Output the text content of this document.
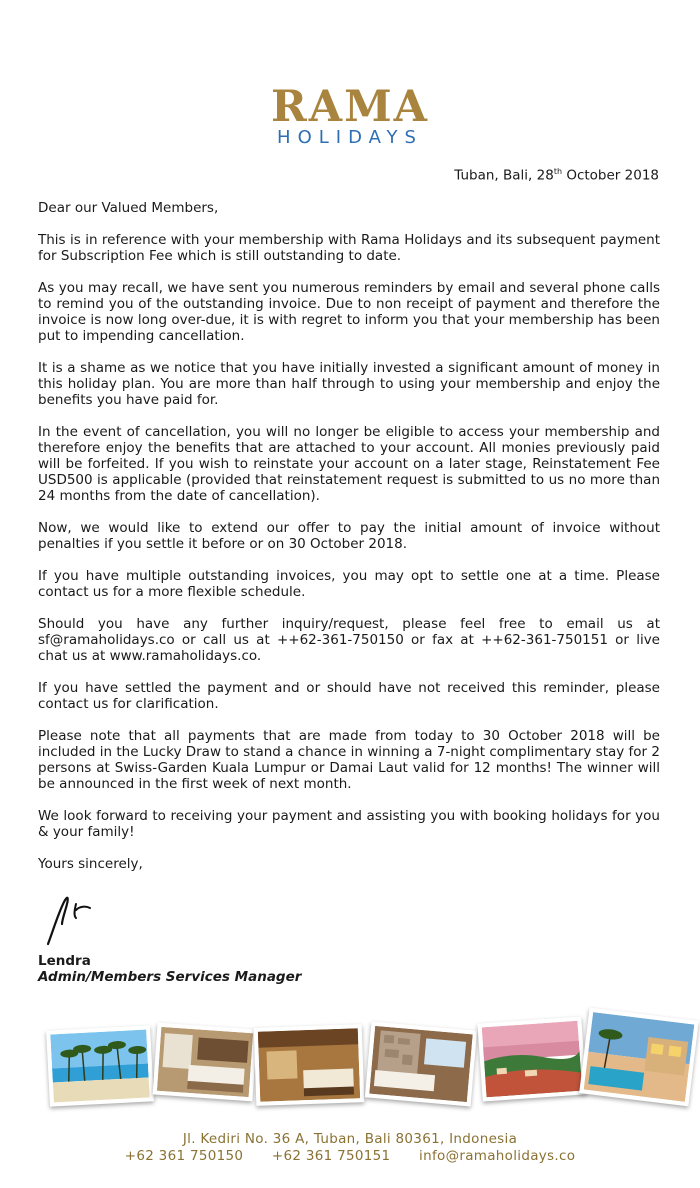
RAMA
HOLIDAYS
Tuban, Bali, 28th October 2018
Dear our Valued Members,

This is in reference with your membership with Rama Holidays and its subsequent payment for Subscription Fee which is still outstanding to date.

As you may recall, we have sent you numerous reminders by email and several phone calls to remind you of the outstanding invoice. Due to non receipt of payment and therefore the invoice is now long over-due, it is with regret to inform you that your membership has been put to impending cancellation.

It is a shame as we notice that you have initially invested a significant amount of money in this holiday plan. You are more than half through to using your membership and enjoy the benefits you have paid for.

In the event of cancellation, you will no longer be eligible to access your membership and therefore enjoy the benefits that are attached to your account. All monies previously paid will be forfeited. If you wish to reinstate your account on a later stage, Reinstatement Fee USD500 is applicable (provided that reinstatement request is submitted to us no more than 24 months from the date of cancellation).

Now, we would like to extend our offer to pay the initial amount of invoice without penalties if you settle it before or on 30 October 2018.

If you have multiple outstanding invoices, you may opt to settle one at a time. Please contact us for a more flexible schedule.

Should you have any further inquiry/request, please feel free to email us at sf@ramaholidays.co or call us at ++62-361-750150 or fax at ++62-361-750151 or live chat us at www.ramaholidays.co.

If you have settled the payment and or should have not received this reminder, please contact us for clarification.

Please note that all payments that are made from today to 30 October 2018 will be included in the Lucky Draw to stand a chance in winning a 7-night complimentary stay for 2 persons at Swiss-Garden Kuala Lumpur or Damai Laut valid for 12 months! The winner will be announced in the first week of next month.

We look forward to receiving your payment and assisting you with booking holidays for you & your family!

Yours sincerely,
Lendra
Admin/Members Services Manager
Jl. Kediri No. 36 A, Tuban, Bali 80361, Indonesia
+62 361 750150 +62 361 750151 info@ramaholidays.co
